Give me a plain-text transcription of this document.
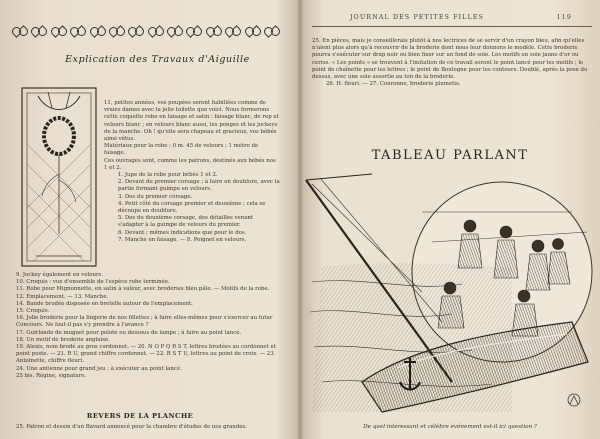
Explication des Travaux d'Aiguille

11, petites années, vos poupées seront habillées comme de vraies dames avec la jolie toilette que voici. Nous formerons cette coquette robe en faisage et satin : faisage blanc, de rep et velours blanc ; en velours blanc aussi, les ponges et les jockeys de la manche. Oh ! qu'elle sera chapeau et gracieux, vos bébés ainsi vêtus.

Matériaux pour la robe : 0 m. 45 de velours ; 1 mètre de faisage.

Ces ouvrages sont, comme les patrons, destinés aux bébés nos 1 et 2.

1. Jupe de la robe pour bébés 1 et 2.

2. Devant du premier corsage ; à faire en doublure, avec la partie formant guimpe en velours.

3. Dos du premier corsage.

4. Petit côté du corsage premier et deuxième ; cela se découpe en doublure.

5. Dos du deuxième corsage, des détailles venant s'adapter à la guimpe de velours du premier.

6. Devant ; mêmes indications que pour le dos.

7. Manche en faisage. — 8. Poignet en velours.

9. Jockey également en velours.

10. Croquis : vue d'ensemble de l'espèce robe terminée.

11. Robe pour Mignonnette, en satin à valeur, avec broderies bleu pâle. — Motifs de la robe.

12. Emplacement. — 13. Manche.

14. Bande brodée disposée en bretelle autour de l'emplacement.

15. Croquis.

16. Jolie broderie pour la lingerie de nos fillettes ; à faire elles-mêmes pour s'exercer au futur Concours. Ne faut-il pas s'y prendre à l'avance ?

17. Guirlande de muguet pour pelote ou dessous de lampe ; à faire au point lancé.

18. Un motif de broderie anglaise.

19. Alexis, nom brodé au gros cordonnet. — 20. N O P Q R S T, lettres brodées au cordonnet et point poste. — 21. R U, grand chiffre cordonnet. — 22. R S T U, lettres au point de croix. — 23. Antoinette, chiffre fleuri.

24. Une antienne pour grand jeu ; à exécuter au point lancé.

25 bis. Régine, signature.

REVERS DE LA PLANCHE
25. Patron et dessin d'un Bavard annoncé pour la chambre d'études de nos grandes.
JOURNAL DES PETITES FILLES	119

25. En pièces, mais je conseillerais plutôt à nos lectrices de se servir d'un crayon bleu, afin qu'elles n'aient plus alors qu'à recouvrir de la broderie dont nous leur donnons le modèle. Cette broderie pourra s'exécuter sur drap noir ou bien fixer sur un fond de soie. Les motifs en soie jaune d'or ou cerise. « Les points » se trouvent à l'imitation de ce travail seront le point lancé pour les motifs ; le point de chaînette pour les lettres ; le point de Boulogne pour les contours. Doublé, après la pose du dessus, avec une soie assortie au ton de la broderie.

26. H. fleuri. — 27. Couronne, broderie plumetis.

TABLEAU PARLANT
De quel intéressant et célèbre événement est-il ici question ?
